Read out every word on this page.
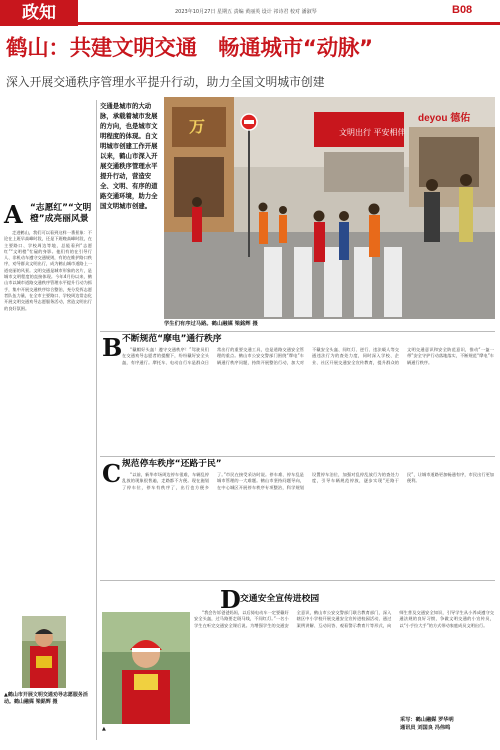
政知	2023年10月27日 星期五 责编 黄丽英 设计 祁诗君 校对 潘淑琴	B08
鹤山：共建文明交通　畅通城市“动脉”
深入开展交通秩序管理水平提升行动，助力全国文明城市创建
交通是城市的大动脉，承载着城市发展的方向，也是城市文明程度的体现。自文明城市创建工作开展以来，鹤山市深入开展交通秩序管理水平提升行动，营造安全、文明、有序的道路交通环境，助力全国文明城市创建。
deyou 德佑
文明出行 平安相伴
万
学生们有序过马路。鹤山融媒 梁銘辉 摄
A “志愿红”“文明橙”成亮丽风景

走进鹤山，我们可以看到这样一番景象：不论在上班早高峰时段，还是下班晚高峰时段，在主要路口、学校周边等地，总能看到“志愿红”“文明橙”忙碌的身影。他们有的在引导行人、非机动车遵守交通规则，有的在维护路口秩序，劝导群众文明出行，成为鹤山城市道路上一道亮丽的风景。文明交通是城市形象的名片，是城市文明程度的直接体现。今年4月份以来，鹤山市以城市道路交通秩序管理水平提升行动为抓手，集中开展交通秩序综合整治，充分发挥志愿者队伍力量，在全市主要路口、学校周边常态化开展文明交通劝导志愿服务活动，营造文明出行的良好氛围。

▲鹤山市开展文明交通劝导志愿服务活动。鹤山融媒 梁銘辉 摄
B 不断规范“摩电”通行秩序

“戴帽好头盔！遵守交通秩序！”驾驶员们在交通劝导志愿者的提醒下，纷纷戴好安全头盔，有序通行。摩托车、电动自行车是群众日常出行的重要交通工具，也是道路交通安全管理的重点。鹤山市公安交警部门围绕“摩电”车辆通行秩序问题，持续开展整治行动，加大对不戴安全头盔、闯红灯、逆行、违法载人等交通违法行为的查处力度，同时深入学校、企业、社区开展交通安全宣传教育，提升群众的文明交通意识和安全防范意识，推动“一盔一带”安全守护行动落地落实，不断规范“摩电”车辆通行秩序。

C 规范停车秩序“还路于民”

“以前，新华市场周边停车很难，车辆乱停乱放的现象很普遍，走路都不方便。现在施划了停车位，停车有秩序了，出行也方便多了。”市民在接受采访时说。停车难、停车乱是城市管理的一大难题。鹤山市坚持问题导向，在中心城区开展停车秩序专项整治，科学规划设置停车泊位，加强对乱停乱放行为的查处力度，引导车辆规范停放，逐步实现“还路于民”，让城市道路更加畅通有序，市民出行更加便利。

D 交通安全宣传进校园
▲

“我会告诉爸爸妈妈，以后骑电动车一定要戴好安全头盔，过马路要走斑马线，不闯红灯。”一名小学生在听完交通安全课后说。为增强学生的交通安全意识，鹤山市公安交警部门联合教育部门，深入辖区中小学校开展交通安全宣传进校园活动，通过案例讲解、互动问答、观看警示教育片等形式，向师生普及交通安全知识，引导学生从小养成遵守交通法规的良好习惯，争做文明交通的小宣传员，以“小手拉大手”的方式带动家庭成员文明出行。

采写：鹤山融媒 罗华明
通讯员 刘国良 冯伟鸣
